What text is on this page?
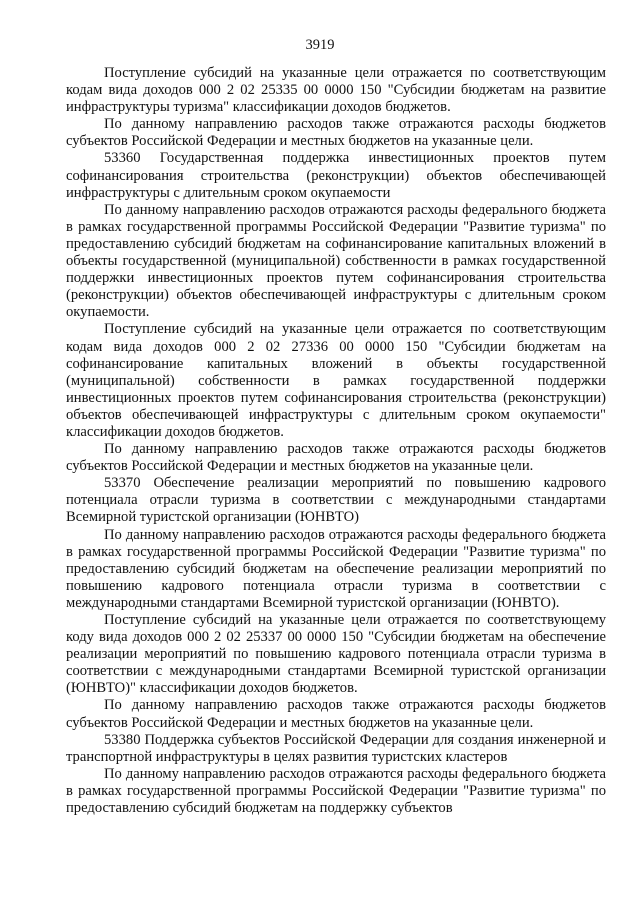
3919

Поступление субсидий на указанные цели отражается по соответствующим кодам вида доходов 000 2 02 25335 00 0000 150 "Субсидии бюджетам на развитие инфраструктуры туризма" классификации доходов бюджетов.

По данному направлению расходов также отражаются расходы бюджетов субъектов Российской Федерации и местных бюджетов на указанные цели.

53360 Государственная поддержка инвестиционных проектов путем софинансирования строительства (реконструкции) объектов обеспечивающей инфраструктуры с длительным сроком окупаемости

По данному направлению расходов отражаются расходы федерального бюджета в рамках государственной программы Российской Федерации "Развитие туризма" по предоставлению субсидий бюджетам на софинансирование капитальных вложений в объекты государственной (муниципальной) собственности в рамках государственной поддержки инвестиционных проектов путем софинансирования строительства (реконструкции) объектов обеспечивающей инфраструктуры с длительным сроком окупаемости.

Поступление субсидий на указанные цели отражается по соответствующим кодам вида доходов 000 2 02 27336 00 0000 150 "Субсидии бюджетам на софинансирование капитальных вложений в объекты государственной (муниципальной) собственности в рамках государственной поддержки инвестиционных проектов путем софинансирования строительства (реконструкции) объектов обеспечивающей инфраструктуры с длительным сроком окупаемости" классификации доходов бюджетов.

По данному направлению расходов также отражаются расходы бюджетов субъектов Российской Федерации и местных бюджетов на указанные цели.

53370 Обеспечение реализации мероприятий по повышению кадрового потенциала отрасли туризма в соответствии с международными стандартами Всемирной туристской организации (ЮНВТО)

По данному направлению расходов отражаются расходы федерального бюджета в рамках государственной программы Российской Федерации "Развитие туризма" по предоставлению субсидий бюджетам на обеспечение реализации мероприятий по повышению кадрового потенциала отрасли туризма в соответствии с международными стандартами Всемирной туристской организации (ЮНВТО).

Поступление субсидий на указанные цели отражается по соответствующему коду вида доходов 000 2 02 25337 00 0000 150 "Субсидии бюджетам на обеспечение реализации мероприятий по повышению кадрового потенциала отрасли туризма в соответствии с международными стандартами Всемирной туристской организации (ЮНВТО)" классификации доходов бюджетов.

По данному направлению расходов также отражаются расходы бюджетов субъектов Российской Федерации и местных бюджетов на указанные цели.

53380 Поддержка субъектов Российской Федерации для создания инженерной и транспортной инфраструктуры в целях развития туристских кластеров

По данному направлению расходов отражаются расходы федерального бюджета в рамках государственной программы Российской Федерации "Развитие туризма" по предоставлению субсидий бюджетам на поддержку субъектов
